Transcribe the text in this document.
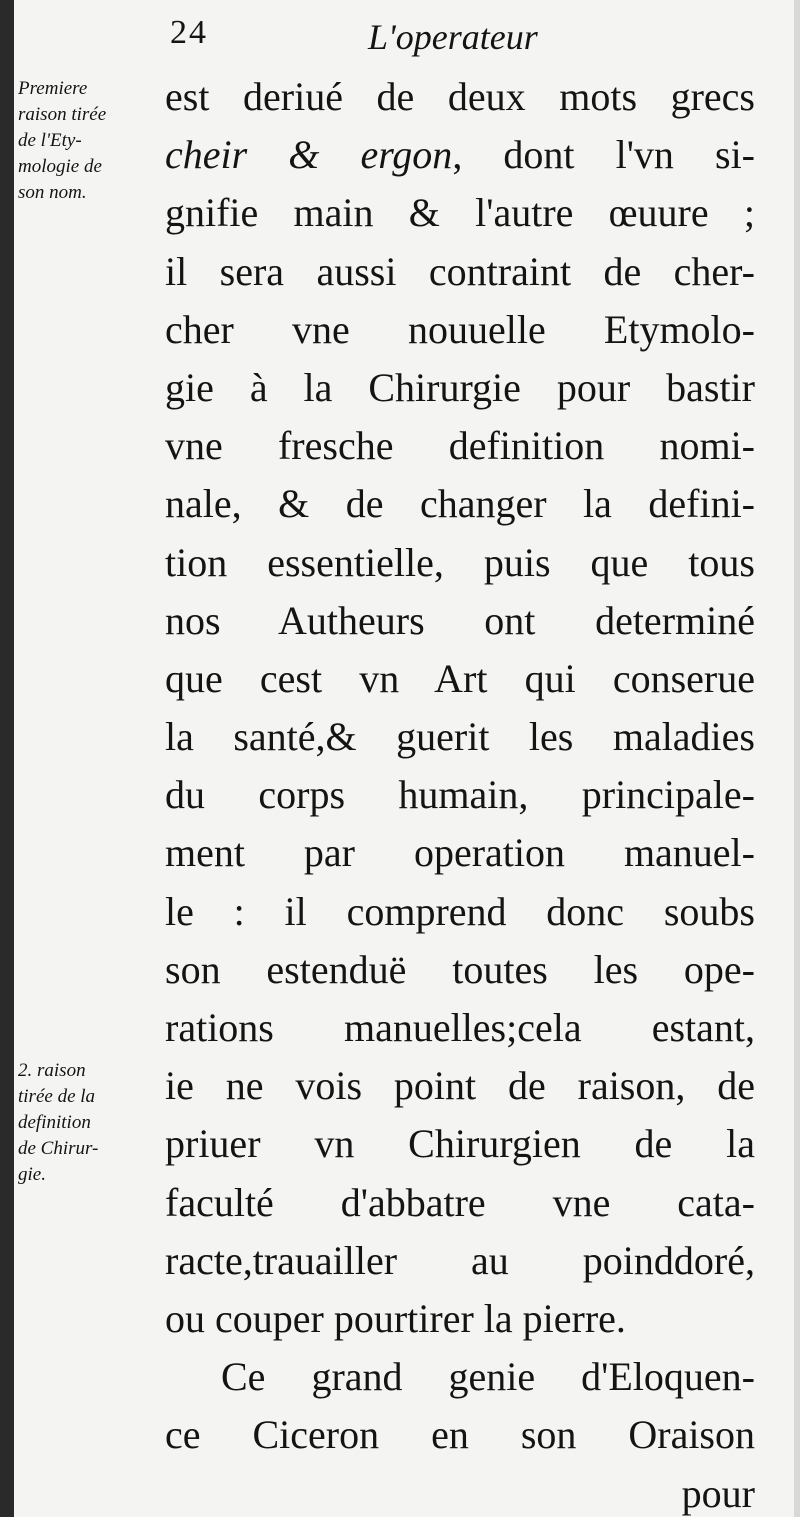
24	L'operateur
Premiere
raison tirée
de l'Ety-
mologie de
son nom.
2. raison
tirée de la
definition
de Chirur-
gie.
est deriué de deux mots grecs
cheir & ergon, dont l'vn si-
gnifie main & l'autre œuure ;
il sera aussi contraint de cher-
cher vne nouuelle Etymolo-
gie à la Chirurgie pour bastir
vne fresche definition nomi-
nale, & de changer la defini-
tion essentielle, puis que tous
nos Autheurs ont determiné
que cest vn Art qui conserue
la santé,& guerit les maladies
du corps humain, principale-
ment par operation manuel-
le : il comprend donc soubs
son estenduë toutes les ope-
rations manuelles;cela estant,
ie ne vois point de raison, de
priuer vn Chirurgien de la
faculté d'abbatre vne cata-
racte,trauailler au poinddoré,
ou couper pourtirer la pierre.
Ce grand genie d'Eloquen-
ce Ciceron en son Oraison
pour
